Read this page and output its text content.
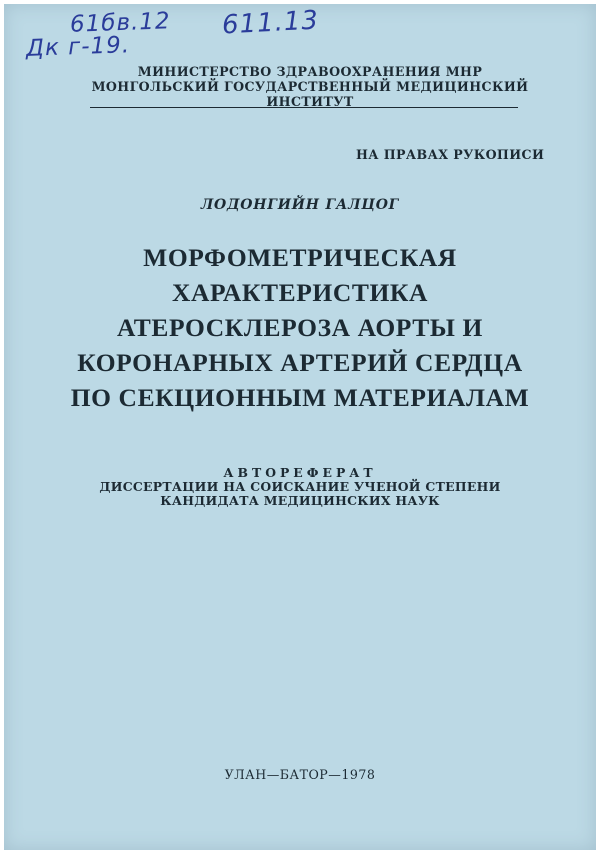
61бв.12 611.13
Дк г-19.
МИНИСТЕРСТВО ЗДРАВООХРАНЕНИЯ МНР
МОНГОЛЬСКИЙ ГОСУДАРСТВЕННЫЙ МЕДИЦИНСКИЙ
ИНСТИТУТ
НА ПРАВАХ РУКОПИСИ
ЛОДОНГИЙН ГАЛЦОГ
МОРФОМЕТРИЧЕСКАЯ
ХАРАКТЕРИСТИКА
АТЕРОСКЛЕРОЗА АОРТЫ И
КОРОНАРНЫХ АРТЕРИЙ СЕРДЦА
ПО СЕКЦИОННЫМ МАТЕРИАЛАМ
АВТОРЕФЕРАТ
ДИССЕРТАЦИИ НА СОИСКАНИЕ УЧЕНОЙ СТЕПЕНИ
КАНДИДАТА МЕДИЦИНСКИХ НАУК
УЛАН—БАТОР—1978
